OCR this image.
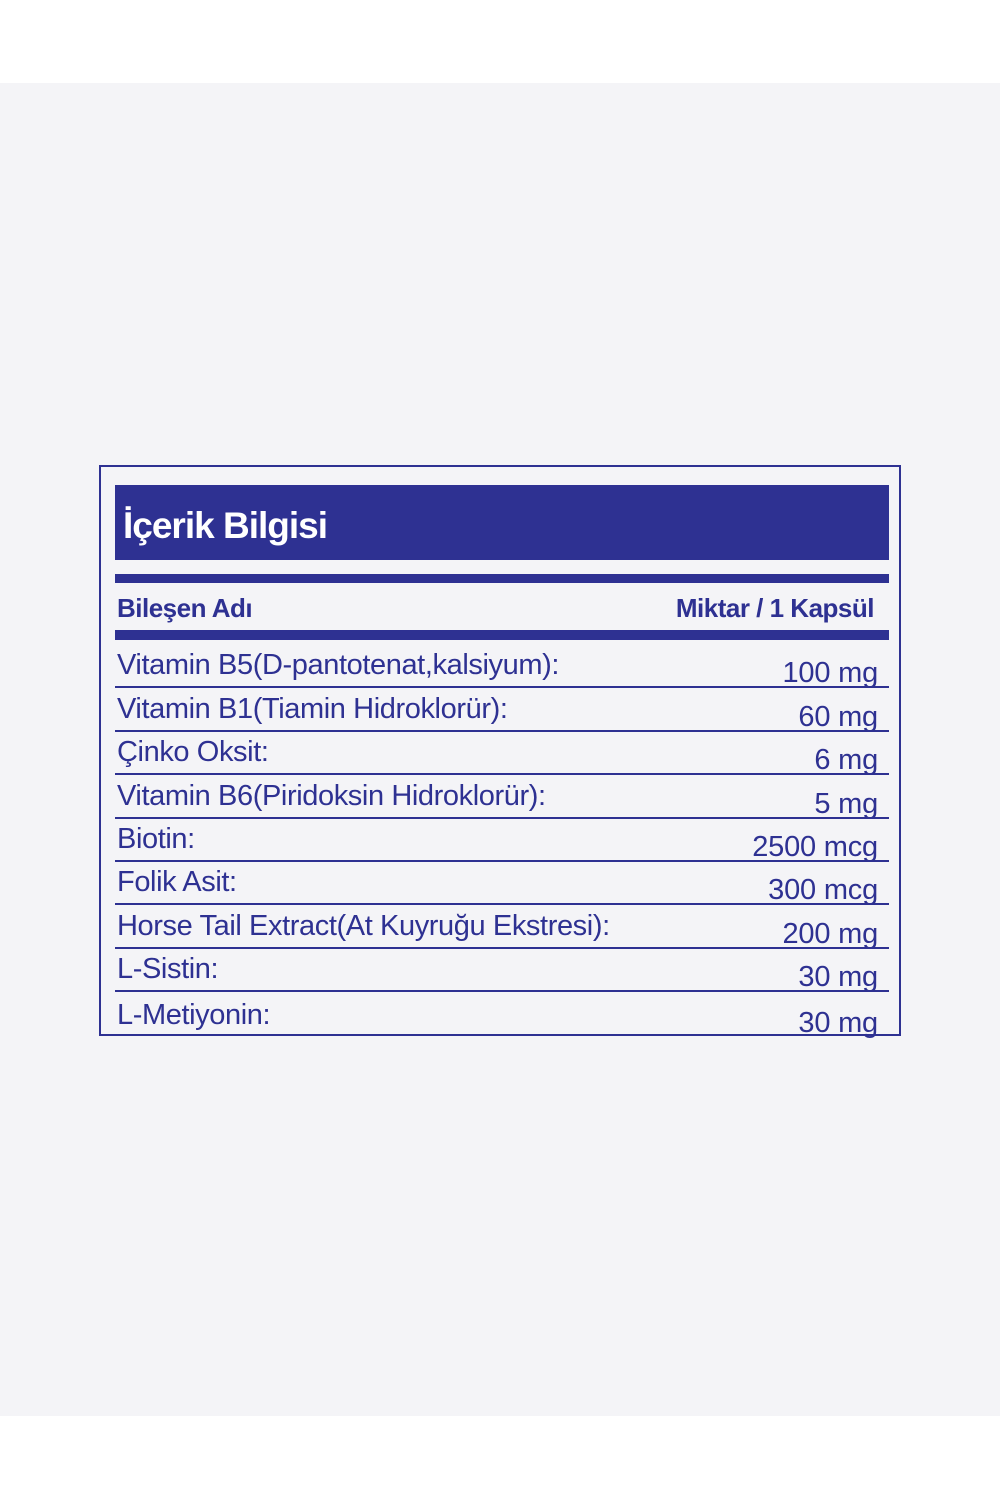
İçerik Bilgisi
Bileşen Adı	Miktar / 1 Kapsül
Vitamin B5(D-pantotenat,kalsiyum):	100 mg
Vitamin B1(Tiamin Hidroklorür):	60 mg
Çinko Oksit:	6 mg
Vitamin B6(Piridoksin Hidroklorür):	5 mg
Biotin:	2500 mcg
Folik Asit:	300 mcg
Horse Tail Extract(At Kuyruğu Ekstresi):	200 mg
L-Sistin:	30 mg
L-Metiyonin:	30 mg
